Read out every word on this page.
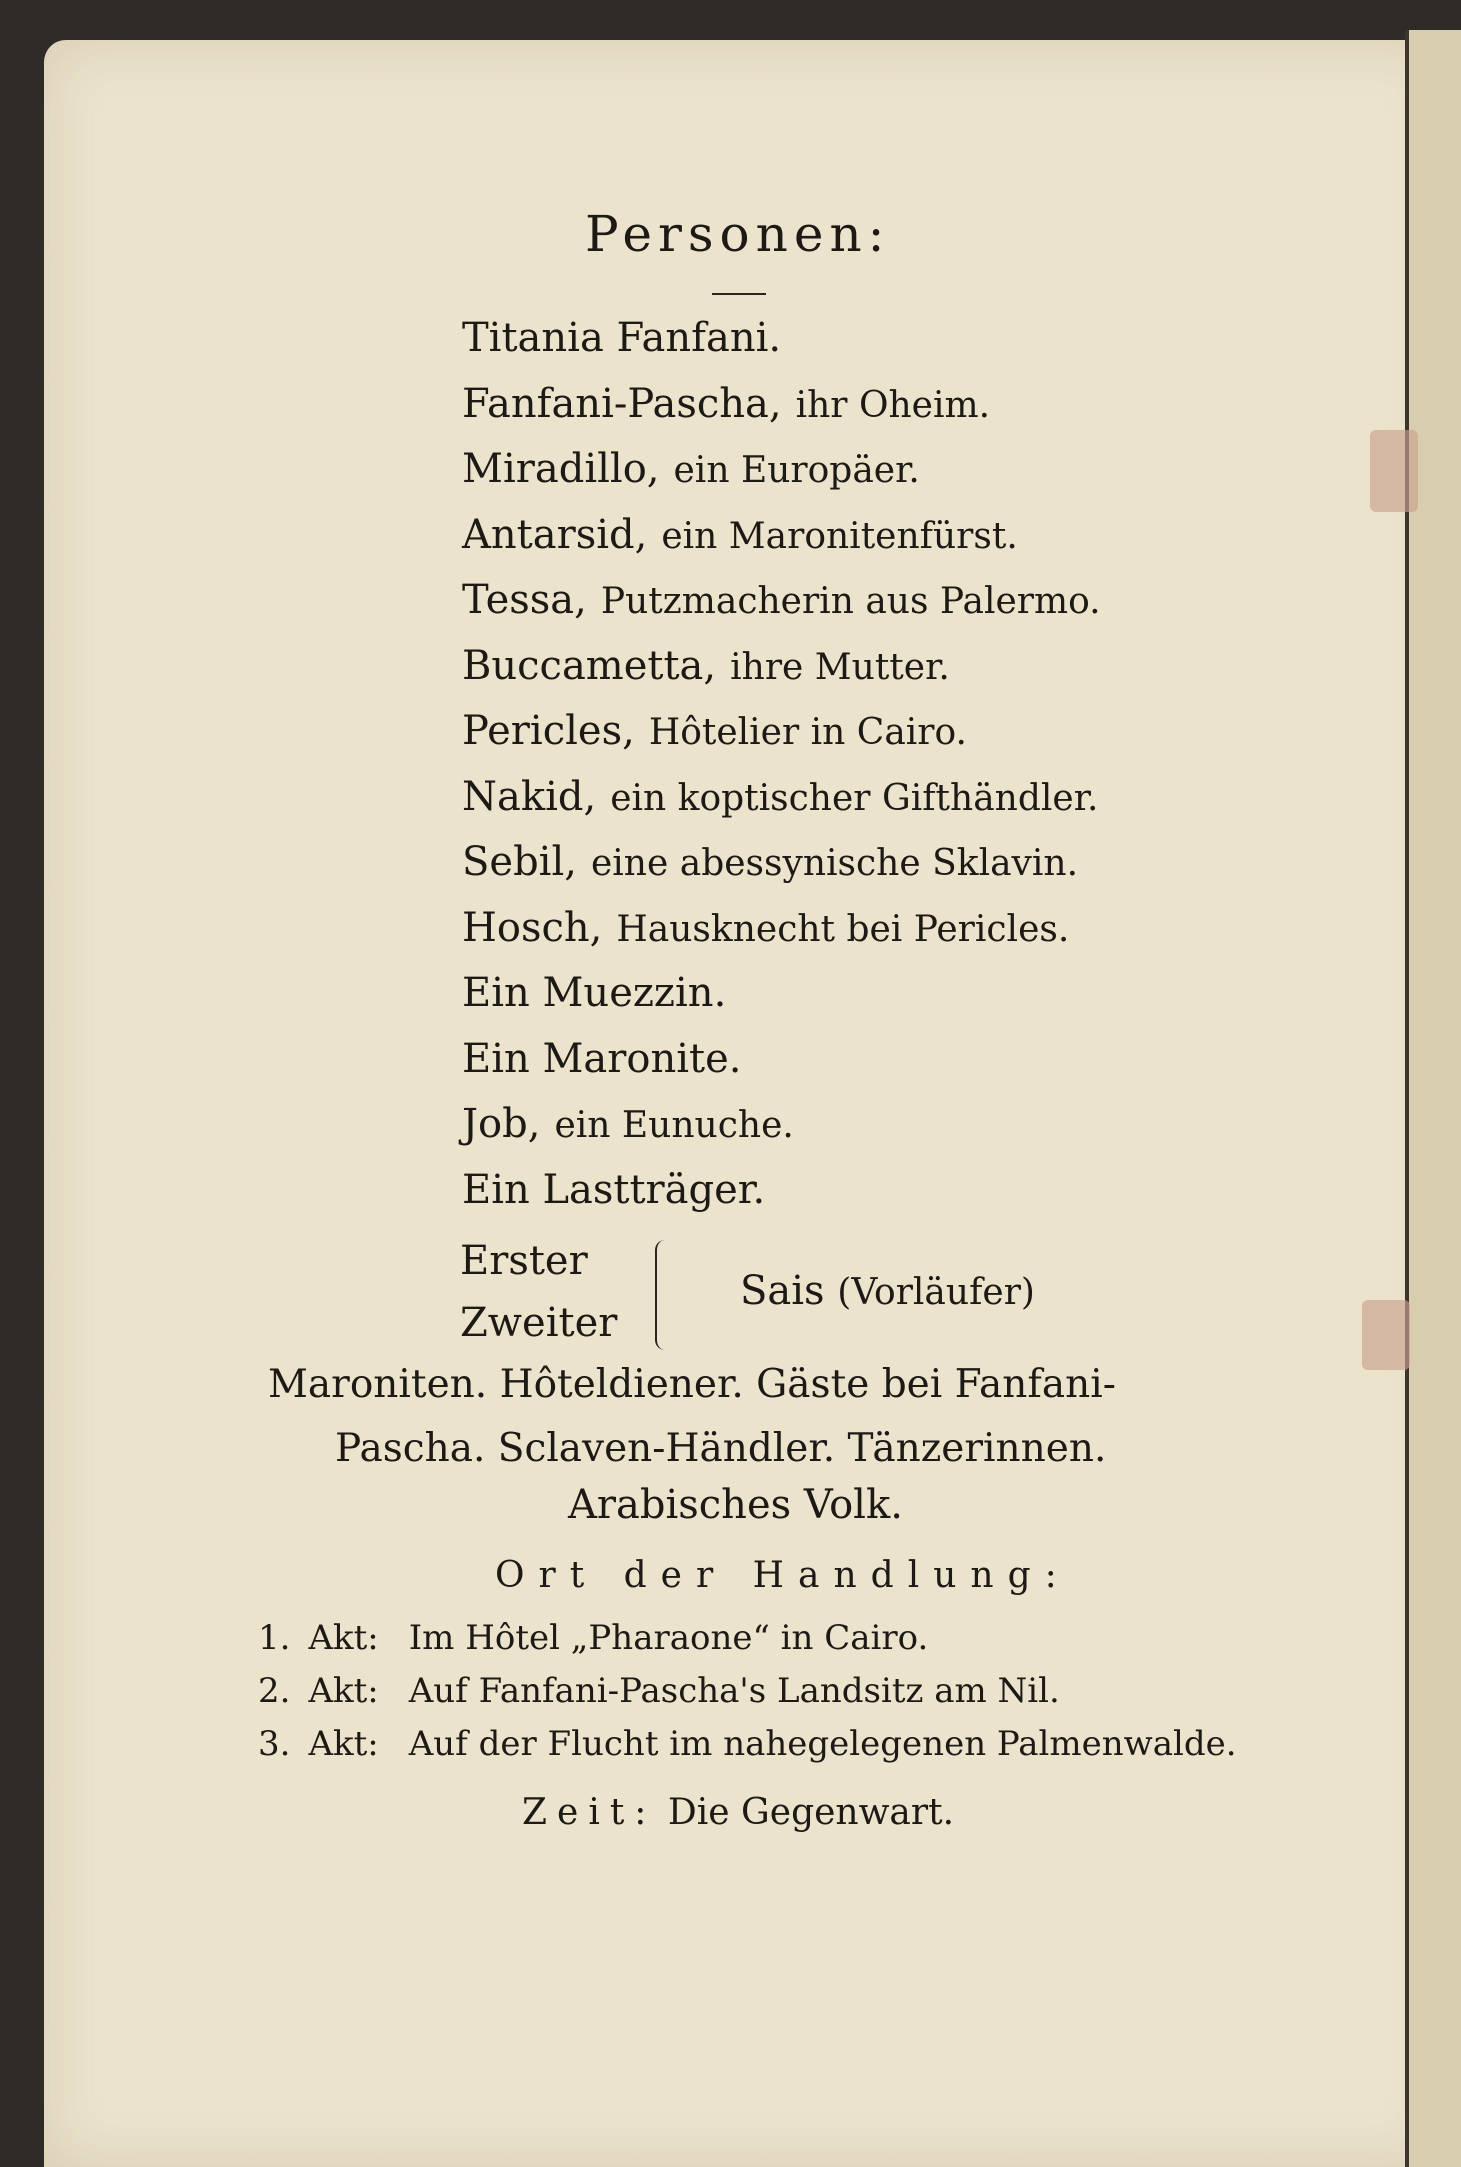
Personen:
Titania Fanfani.
Fanfani-Pascha, ihr Oheim.
Miradillo, ein Europäer.
Antarsid, ein Maronitenfürst.
Tessa, Putzmacherin aus Palermo.
Buccametta, ihre Mutter.
Pericles, Hôtelier in Cairo.
Nakid, ein koptischer Gifthändler.
Sebil, eine abessynische Sklavin.
Hosch, Hausknecht bei Pericles.
Ein Muezzin.
Ein Maronite.
Job, ein Eunuche.
Ein Lastträger.
Erster
Zweiter
Sais (Vorläufer)
Maroniten. Hôteldiener. Gäste bei Fanfani-
Pascha. Sclaven-Händler. Tänzerinnen.
Arabisches Volk.
Ort der Handlung:
1. Akt: Im Hôtel „Pharaone“ in Cairo.
2. Akt: Auf Fanfani-Pascha's Landsitz am Nil.
3. Akt: Auf der Flucht im nahegelegenen Palmenwalde.
Zeit: Die Gegenwart.
